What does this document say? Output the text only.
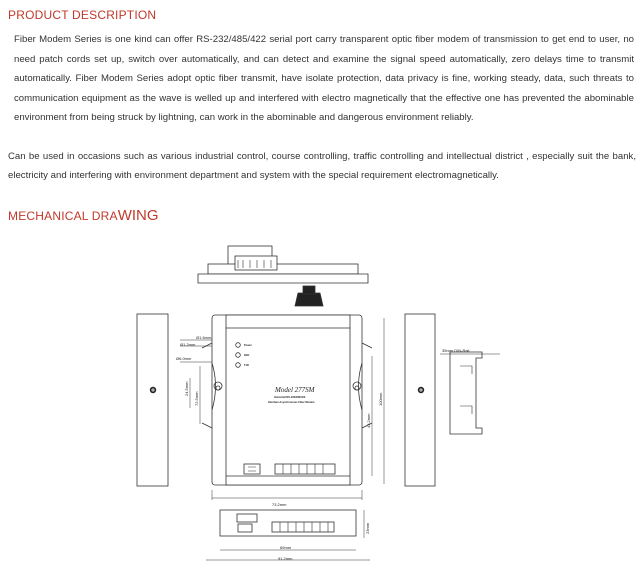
PRODUCT DESCRIPTION

Fiber Modem Series is one kind can offer RS-232/485/422 serial port carry transparent optic fiber modem of transmission to get end to user, no need patch cords set up, switch over automatically, and can detect and examine the signal speed automatically, zero delays time to transmit automatically. Fiber Modem Series adopt optic fiber transmit, have isolate protection, data privacy is fine, working steady, data, such threats to communication equipment as the wave is welled up and interfered with electro magnetically that the effective one has prevented the abominable environment from being struck by lightning, can work in the abominable and dangerous environment reliably.

Can be used in occasions such as various industrial control, course controlling, traffic controlling and intellectual district , especially suit the bank, electricity and interfering with environment department and system with the special requirement electromagnetically.

MECHANICAL DRAWING
Ø1.6mm
Ø1.2mm
Ø6.0mm
24.5mm
72.5mm
43.2mm
100mm
73.2mm
69mm
91.2mm
23mm
35mm DIN-Rail
Power
RxD
TxD
Model 277SM
Industrial RS-232/485/422
Interface Asynchronous Fiber Modem
